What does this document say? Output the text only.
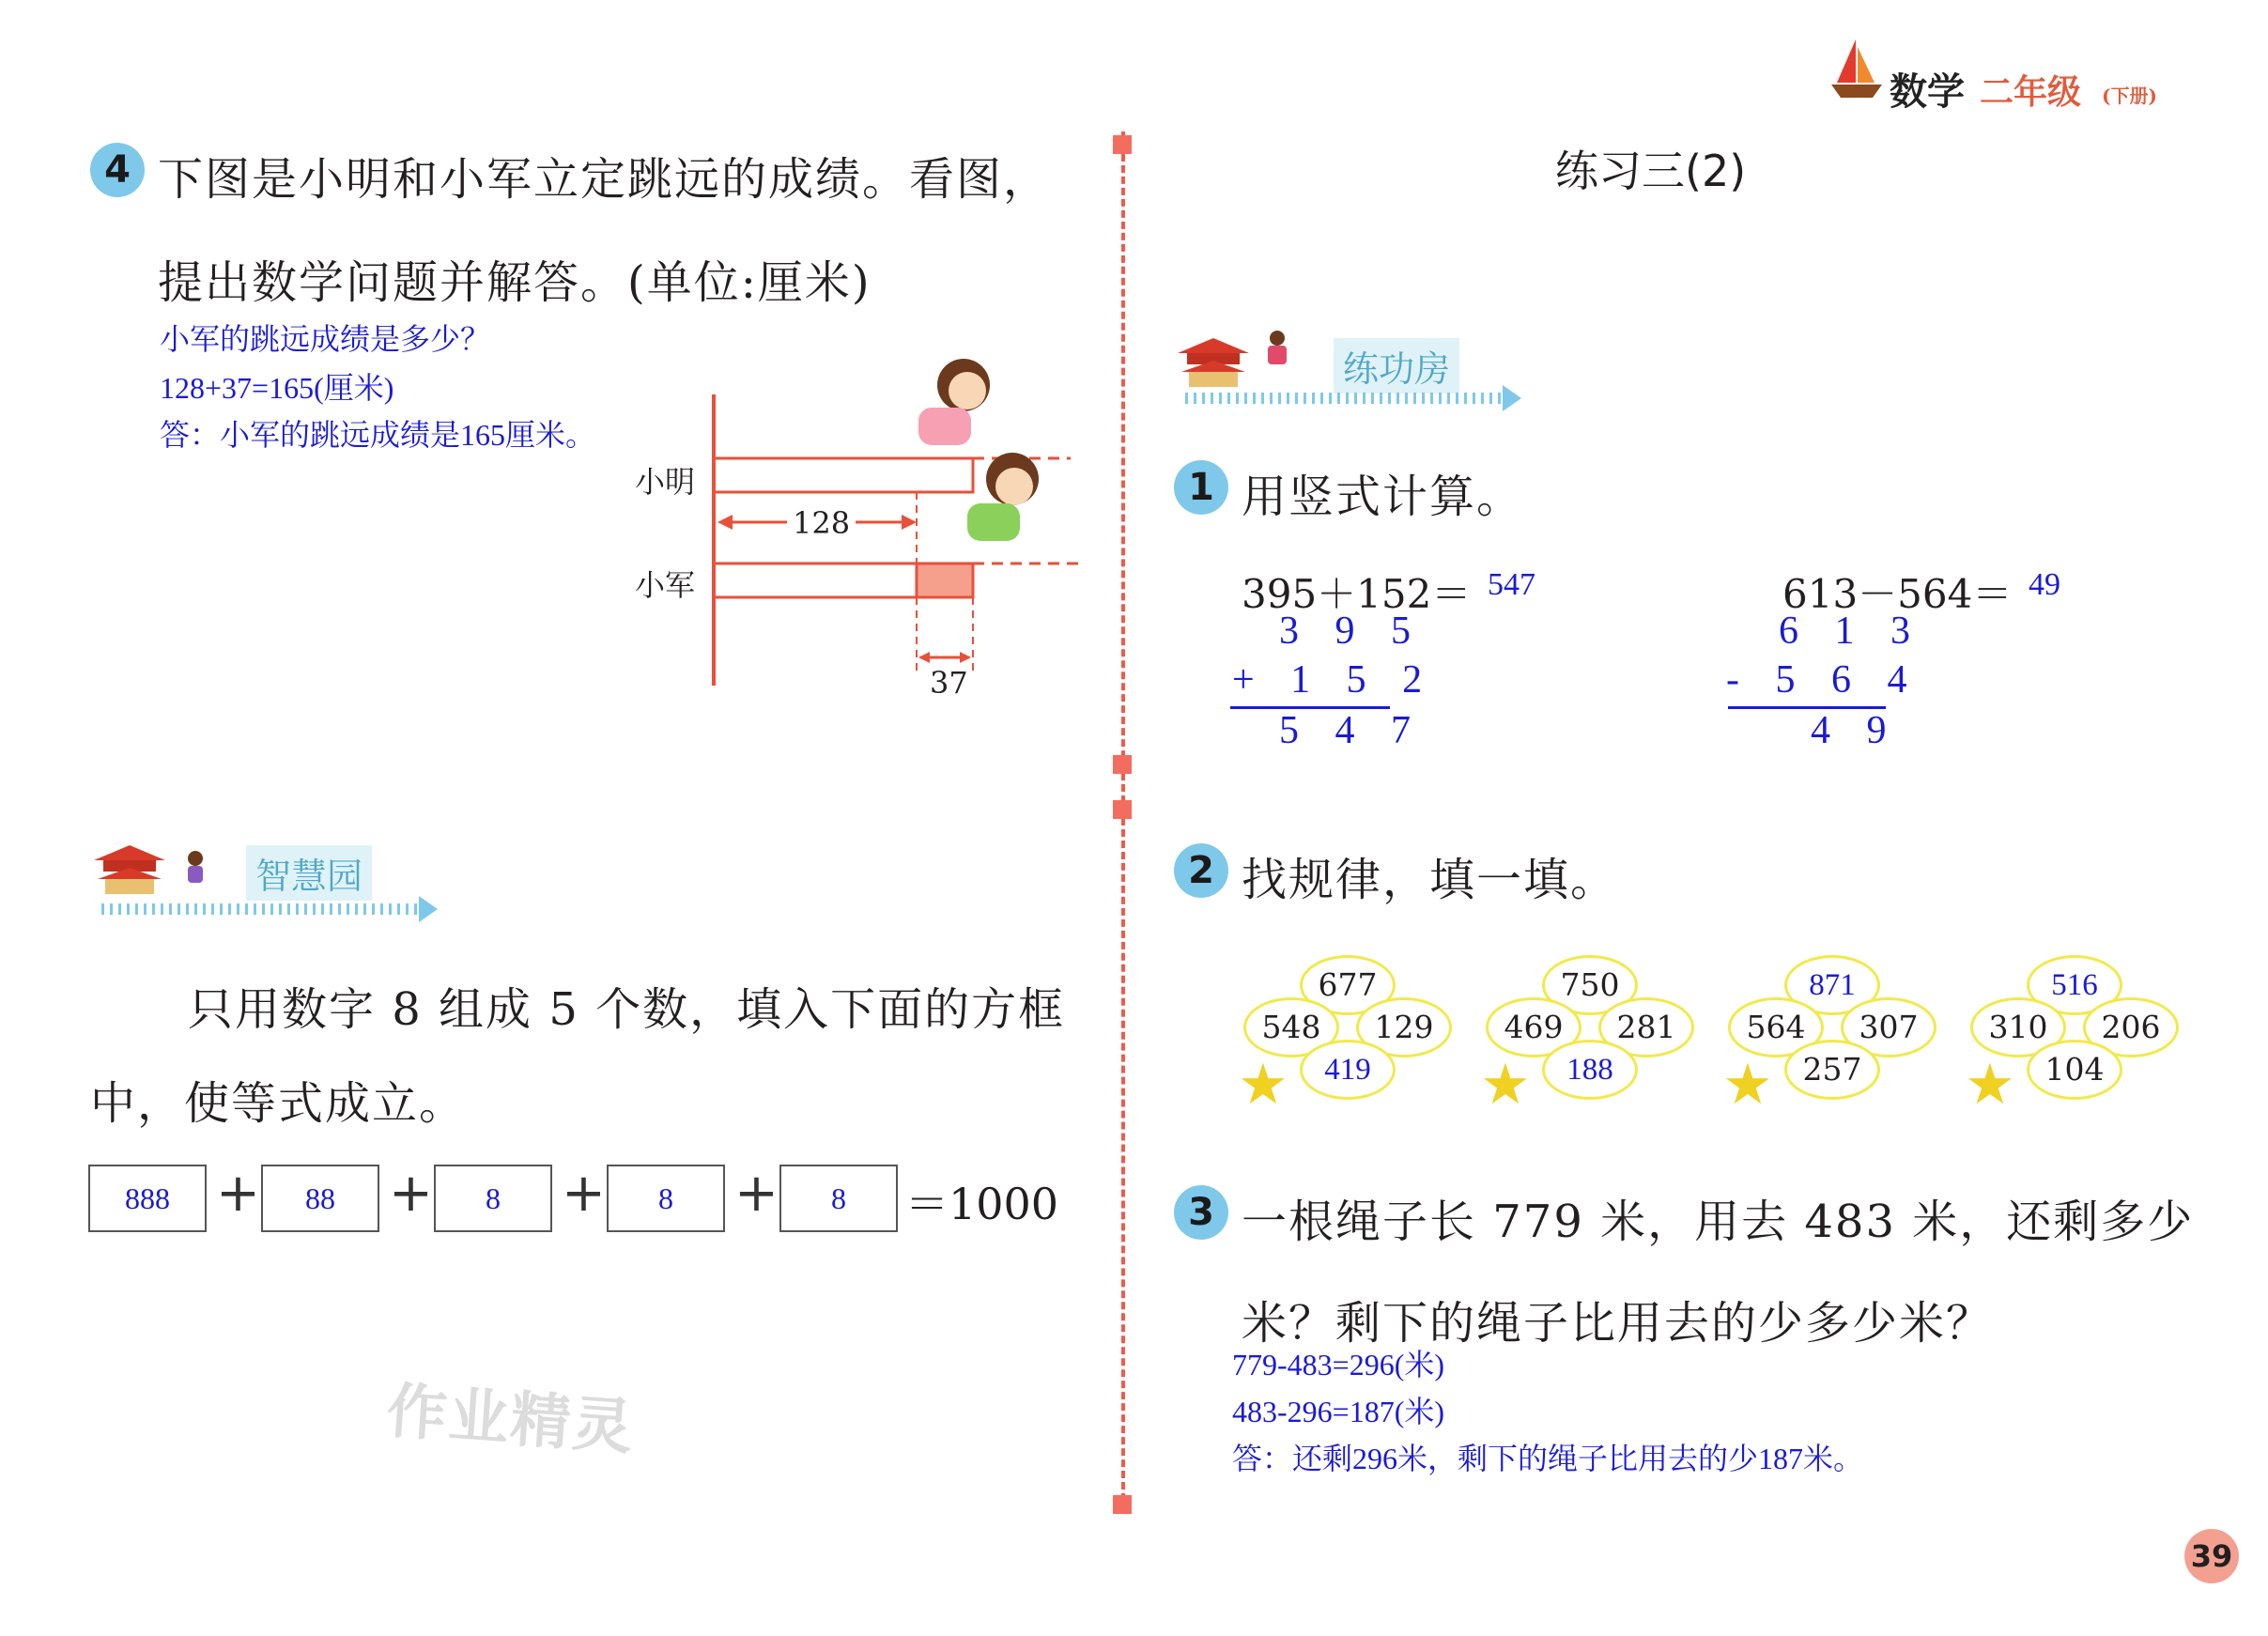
数学 二年级 (下册)
4 下图是小明和小军立定跳远的成绩。看图，
提出数学问题并解答。(单位:厘米)
小军的跳远成绩是多少？
128+37=165(厘米)
答：小军的跳远成绩是165厘米。
小明
小军
128
37
智慧园
只用数字 8 组成 5 个数，填入下面的方框
中，使等式成立。
888 +	88	+	8	+	8	+	8	＝1000
作业精灵
练习三(2)
练功房
1 用竖式计算。
395＋152＝ 547
3 9 5
+ 1 5 2
5 4 7
613－564＝ 49
6 1 3
- 5 6 4
4 9
2 找规律，填一填。
677
548	129
419
★
750
469	281
188
★
871
564	307
257
★
516
310	206
104
★
3 一根绳子长 779 米，用去 483 米，还剩多少
米？剩下的绳子比用去的少多少米？
779-483=296(米)
483-296=187(米)
答：还剩296米，剩下的绳子比用去的少187米。
39
